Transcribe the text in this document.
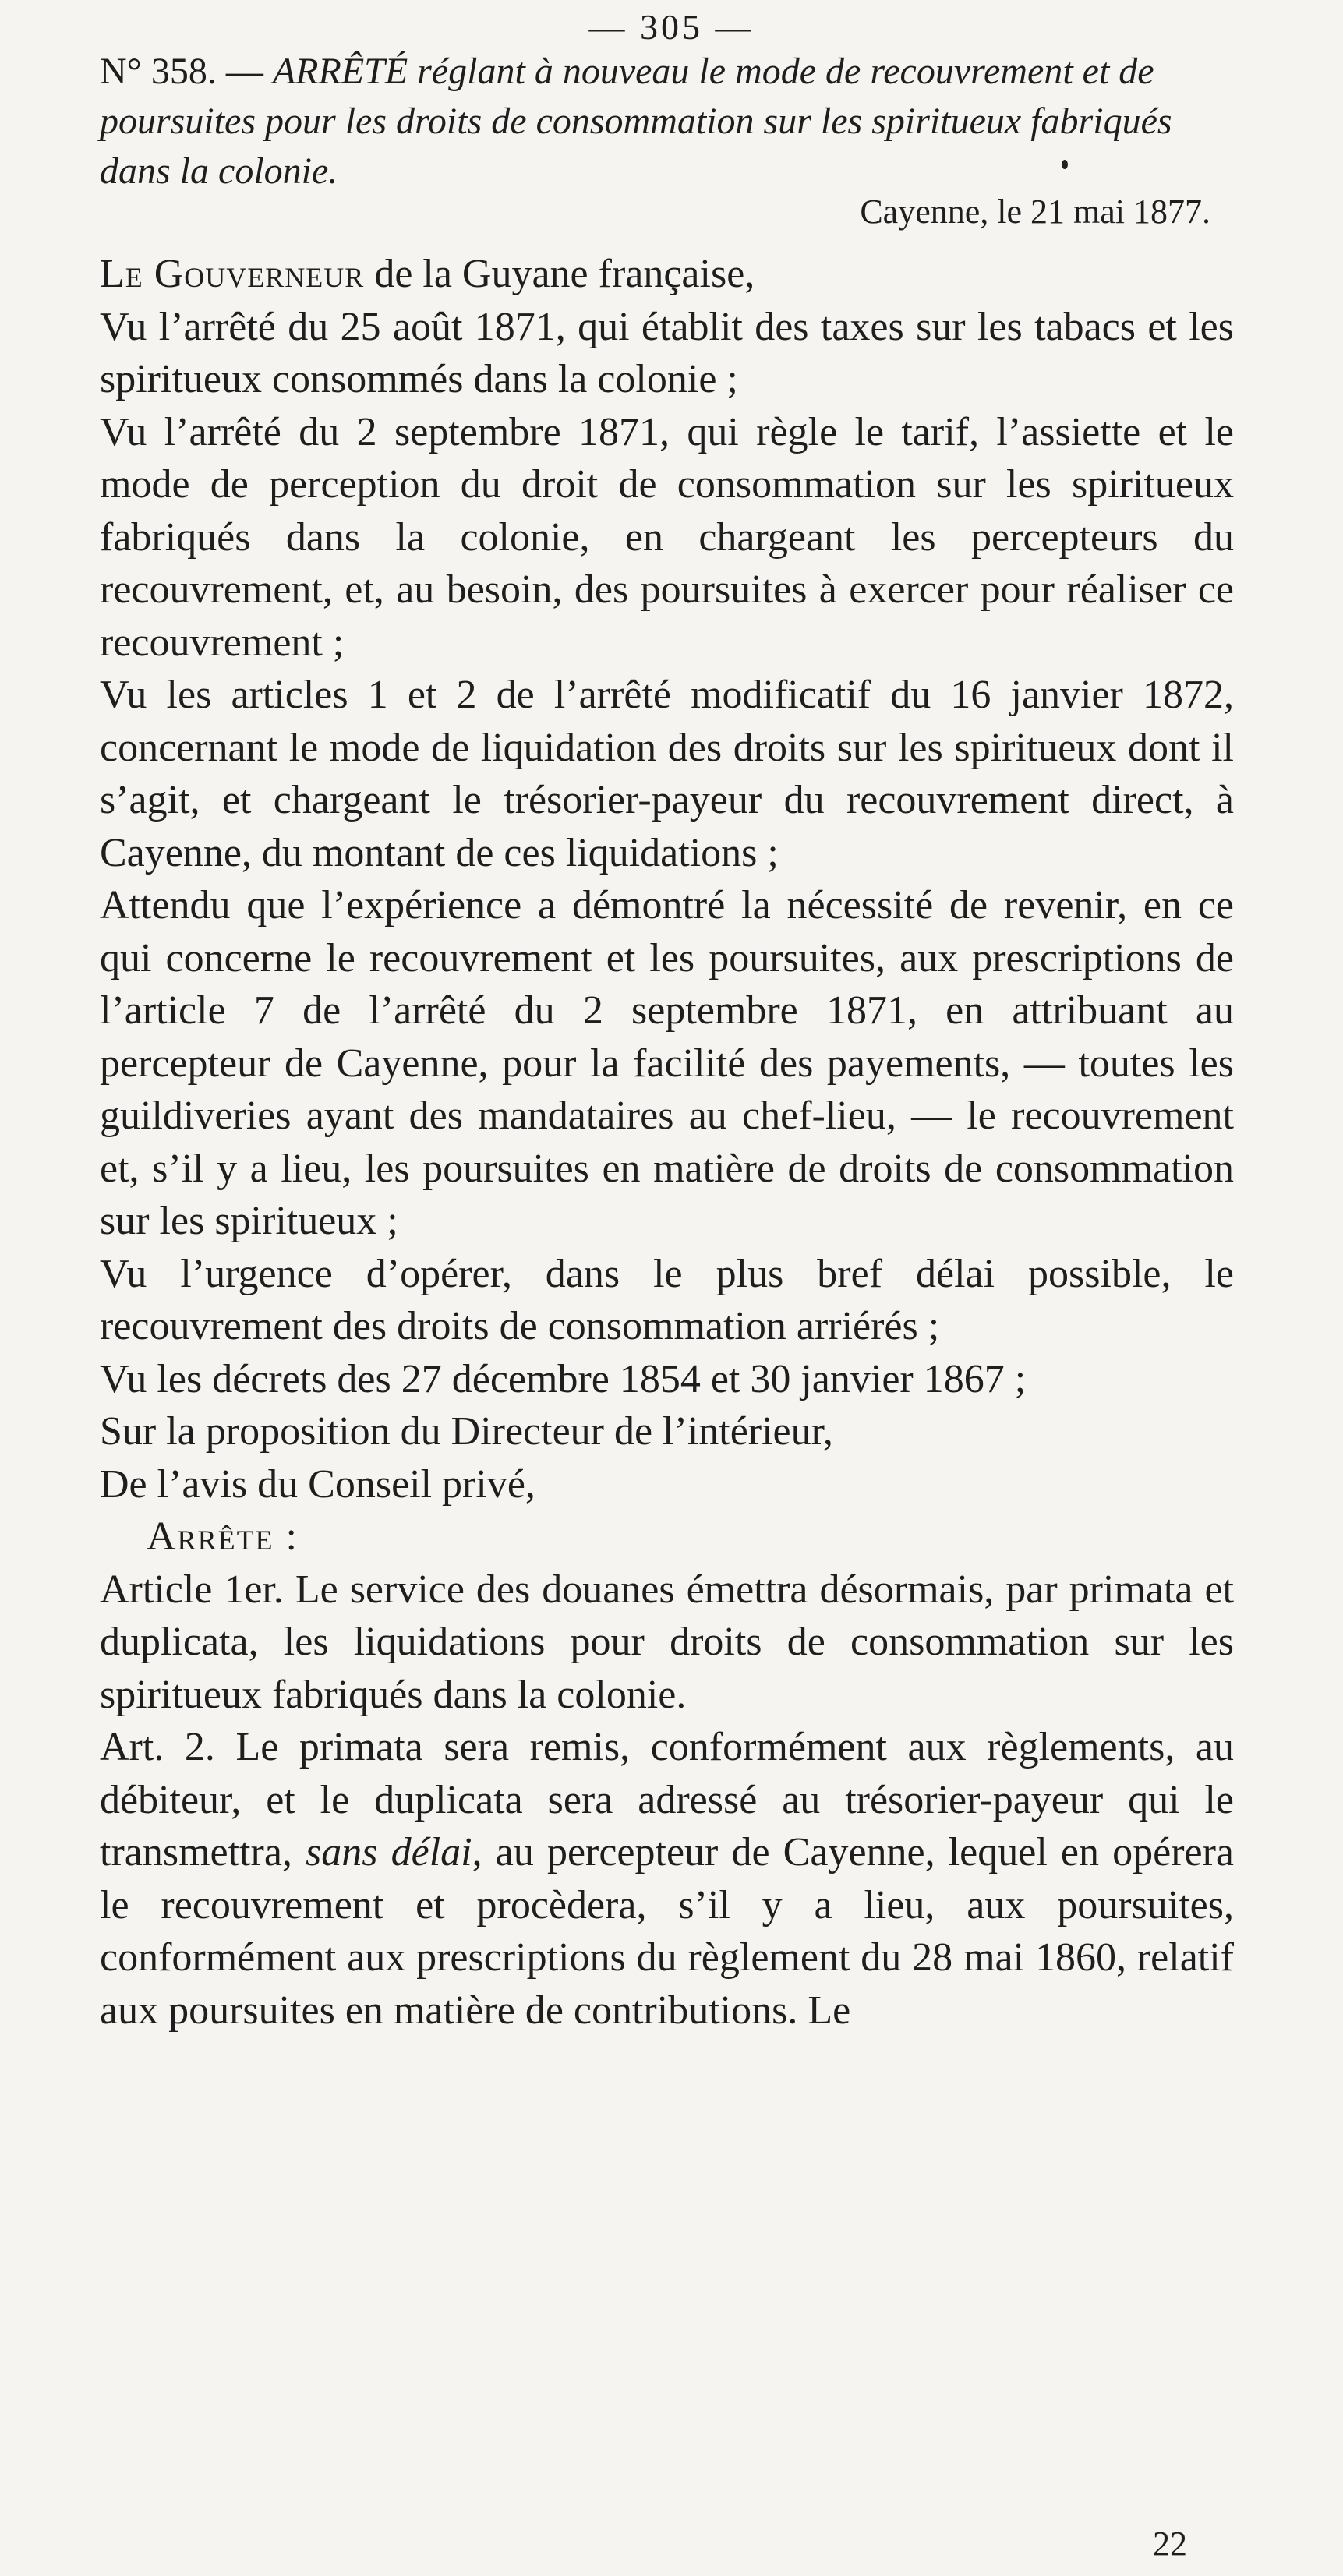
— 305 —
N° 358. — ARRÊTÉ réglant à nouveau le mode de recouvrement et de poursuites pour les droits de consommation sur les spiritueux fabriqués dans la colonie.
Cayenne, le 21 mai 1877.

Le Gouverneur de la Guyane française,

Vu l’arrêté du 25 août 1871, qui établit des taxes sur les tabacs et les spiritueux consommés dans la colonie ;

Vu l’arrêté du 2 septembre 1871, qui règle le tarif, l’assiette et le mode de perception du droit de consommation sur les spiritueux fabriqués dans la colonie, en chargeant les percepteurs du recouvrement, et, au besoin, des poursuites à exercer pour réaliser ce recouvrement ;

Vu les articles 1 et 2 de l’arrêté modificatif du 16 janvier 1872, concernant le mode de liquidation des droits sur les spiritueux dont il s’agit, et chargeant le trésorier-payeur du recouvrement direct, à Cayenne, du montant de ces liquidations ;

Attendu que l’expérience a démontré la nécessité de revenir, en ce qui concerne le recouvrement et les poursuites, aux prescriptions de l’article 7 de l’arrêté du 2 septembre 1871, en attribuant au percepteur de Cayenne, pour la facilité des payements, — toutes les guildiveries ayant des mandataires au chef-lieu, — le recouvrement et, s’il y a lieu, les poursuites en matière de droits de consommation sur les spiritueux ;

Vu l’urgence d’opérer, dans le plus bref délai possible, le recouvrement des droits de consommation arriérés ;

Vu les décrets des 27 décembre 1854 et 30 janvier 1867 ;

Sur la proposition du Directeur de l’intérieur,

De l’avis du Conseil privé,

Arrête :

Article 1er. Le service des douanes émettra désormais, par primata et duplicata, les liquidations pour droits de consommation sur les spiritueux fabriqués dans la colonie.

Art. 2. Le primata sera remis, conformément aux règlements, au débiteur, et le duplicata sera adressé au trésorier-payeur qui le transmettra, sans délai, au percepteur de Cayenne, lequel en opérera le recouvrement et procèdera, s’il y a lieu, aux poursuites, conformément aux prescriptions du règlement du 28 mai 1860, relatif aux poursuites en matière de contributions. Le

22
